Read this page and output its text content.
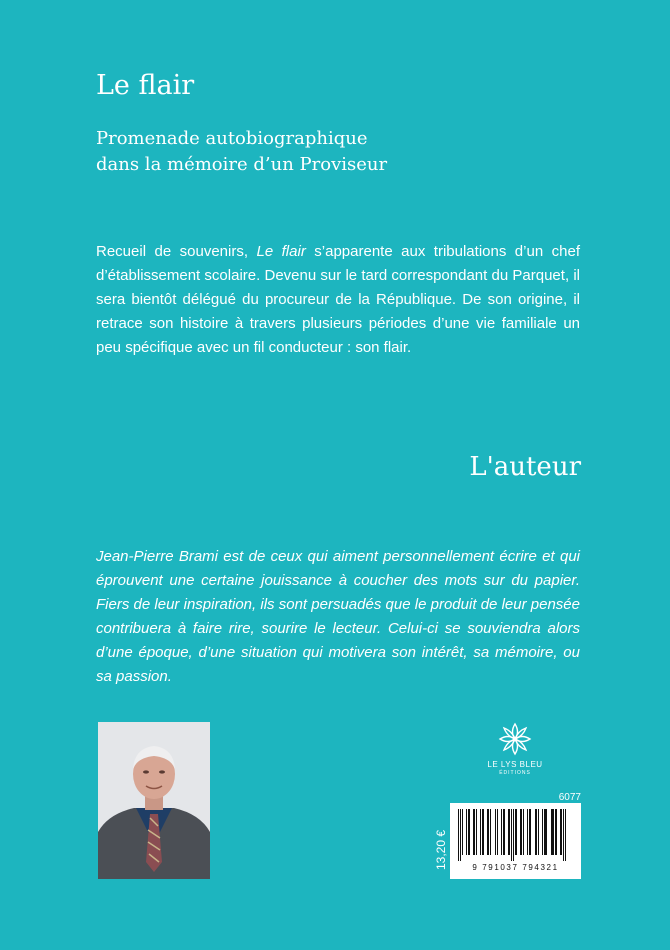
Le flair
Promenade autobiographique
dans la mémoire d’un Proviseur

Recueil de souvenirs, Le flair s’apparente aux tribulations d’un chef d’établissement scolaire. Devenu sur le tard correspondant du Parquet, il sera bientôt délégué du procureur de la République. De son origine, il retrace son histoire à travers plusieurs périodes d’une vie familiale un peu spécifique avec un fil conducteur : son flair.

L'auteur

Jean-Pierre Brami est de ceux qui aiment personnellement écrire et qui éprouvent une certaine jouissance à coucher des mots sur du papier. Fiers de leur inspiration, ils sont persuadés que le produit de leur pensée contribuera à faire rire, sourire le lecteur. Celui-ci se souviendra alors d’une époque, d’une situation qui motivera son intérêt, sa mémoire, ou sa passion.

LE LYS BLEU
ÉDITIONS
6077
13,20 €	9 791037 794321
